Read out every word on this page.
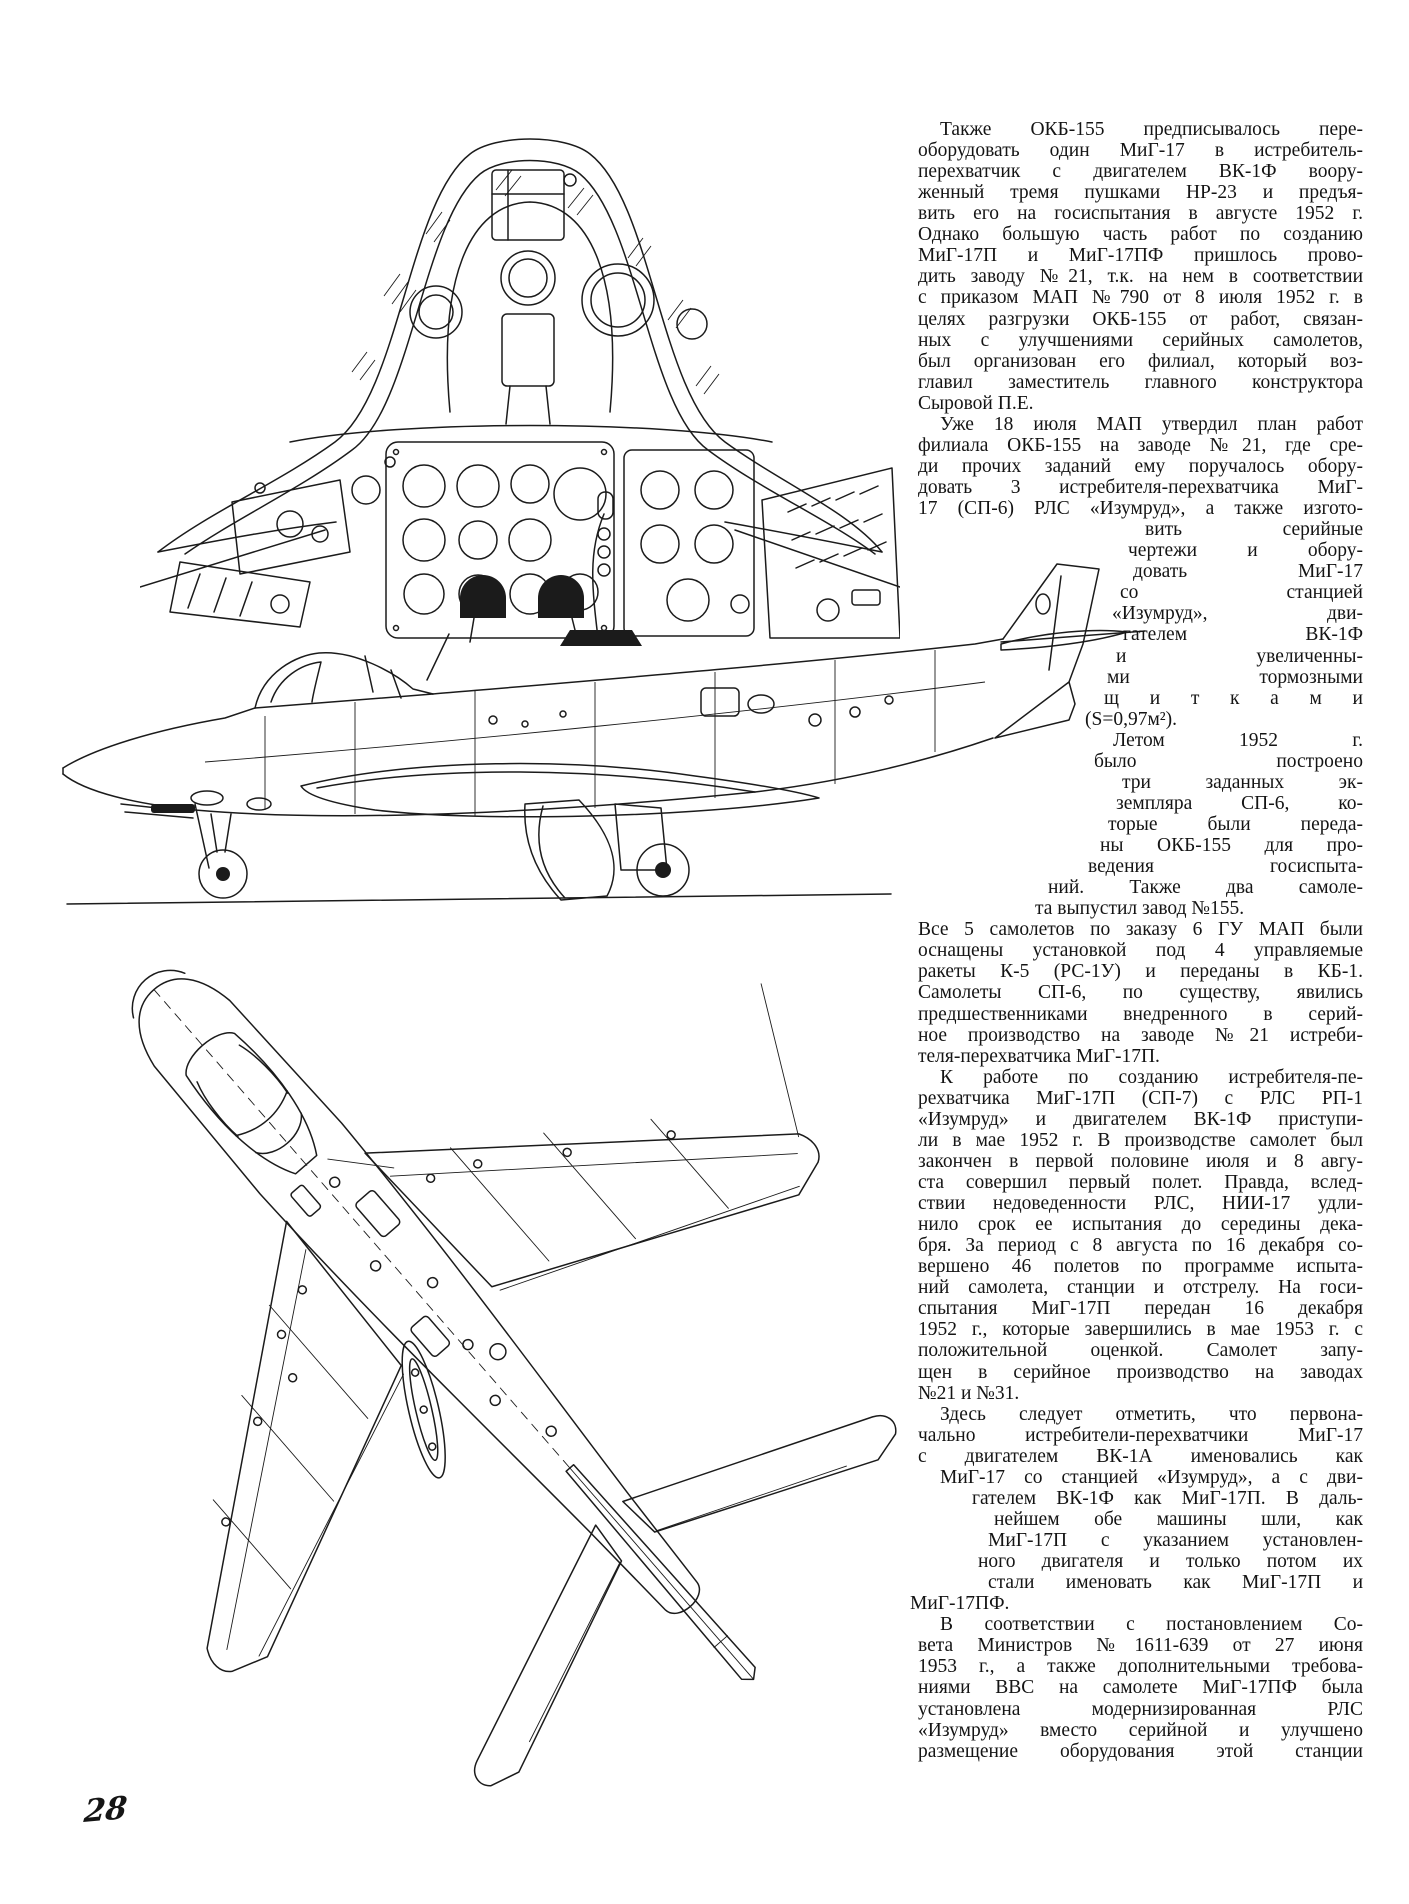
Также ОКБ-155 предписывалось пере-
оборудовать один МиГ-17 в истребитель-
перехватчик с двигателем ВК-1Ф воору-
женный тремя пушками НР-23 и предъя-
вить его на госиспытания в августе 1952 г.
Однако большую часть работ по созданию
МиГ-17П и МиГ-17ПФ пришлось прово-
дить заводу №21, т.к. на нем в соответствии
с приказом МАП №790 от 8 июля 1952 г. в
целях разгрузки ОКБ-155 от работ, связан-
ных с улучшениями серийных самолетов,
был организован его филиал, который воз-
главил заместитель главного конструктора
Сыровой П.Е.
Уже 18 июля МАП утвердил план работ
филиала ОКБ-155 на заводе №21, где сре-
ди прочих заданий ему поручалось обору-
довать 3 истребителя-перехватчика МиГ-
17 (СП-6) РЛС «Изумруд», а также изгото-
вить серийные
чертежи и обору-
довать МиГ-17
со станцией
«Изумруд», дви-
гателем ВК-1Ф
и увеличенны-
ми тормозными
щ и т к а м и
(S=0,97м²).
Летом 1952 г.
было построено
три заданных эк-
земпляра СП-6, ко-
торые были переда-
ны ОКБ-155 для про-
ведения госиспыта-
ний. Также два самоле-
та выпустил завод №155.
Все 5 самолетов по заказу 6 ГУ МАП были
оснащены установкой под 4 управляемые
ракеты К-5 (РС-1У) и переданы в КБ-1.
Самолеты СП-6, по существу, явились
предшественниками внедренного в серий-
ное производство на заводе №21 истреби-
теля-перехватчика МиГ-17П.
К работе по созданию истребителя-пе-
рехватчика МиГ-17П (СП-7) с РЛС РП-1
«Изумруд» и двигателем ВК-1Ф приступи-
ли в мае 1952 г. В производстве самолет был
закончен в первой половине июля и 8 авгу-
ста совершил первый полет. Правда, вслед-
ствии недоведенности РЛС, НИИ-17 удли-
нило срок ее испытания до середины дека-
бря. За период с 8 августа по 16 декабря со-
вершено 46 полетов по программе испыта-
ний самолета, станции и отстрелу. На госи-
спытания МиГ-17П передан 16 декабря
1952 г., которые завершились в мае 1953 г. с
положительной оценкой. Самолет запу-
щен в серийное производство на заводах
№21 и №31.
Здесь следует отметить, что первона-
чально истребители-перехватчики МиГ-17
с двигателем ВК-1А именовались как
МиГ-17 со станцией «Изумруд», а с дви-
гателем ВК-1Ф как МиГ-17П. В даль-
нейшем обе машины шли, как
МиГ-17П с указанием установлен-
ного двигателя и только потом их
стали именовать как МиГ-17П и
МиГ-17ПФ.
В соответствии с постановлением Со-
вета Министров №1611-639 от 27 июня
1953 г., а также дополнительными требова-
ниями ВВС на самолете МиГ-17ПФ была
установлена модернизированная РЛС
«Изумруд» вместо серийной и улучшено
размещение оборудования этой станции
28
